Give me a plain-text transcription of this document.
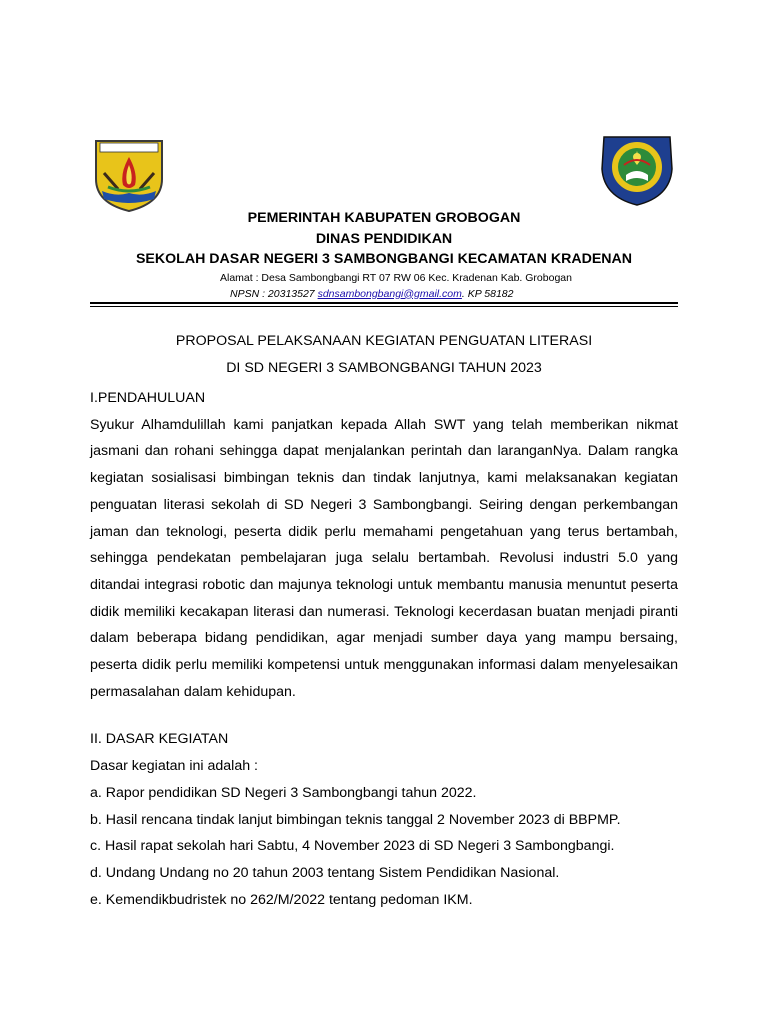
PEMERINTAH KABUPATEN GROBOGAN
DINAS PENDIDIKAN
SEKOLAH DASAR NEGERI 3 SAMBONGBANGI KECAMATAN KRADENAN
Alamat : Desa Sambongbangi RT 07 RW 06 Kec. Kradenan Kab. Grobogan
NPSN : 20313527 sdnsambongbangi@gmail.com. KP 58182
PROPOSAL PELAKSANAAN KEGIATAN PENGUATAN LITERASI
DI SD NEGERI 3 SAMBONGBANGI TAHUN 2023
I.PENDAHULUAN

Syukur Alhamdulillah kami panjatkan kepada Allah SWT yang telah memberikan nikmat jasmani dan rohani sehingga dapat menjalankan perintah dan laranganNya. Dalam rangka kegiatan sosialisasi bimbingan teknis dan tindak lanjutnya, kami melaksanakan kegiatan penguatan literasi sekolah di SD Negeri 3 Sambongbangi. Seiring dengan perkembangan jaman dan teknologi, peserta didik perlu memahami pengetahuan yang terus bertambah, sehingga pendekatan pembelajaran juga selalu bertambah. Revolusi industri 5.0 yang ditandai integrasi robotic dan majunya teknologi untuk membantu manusia menuntut peserta didik memiliki kecakapan literasi dan numerasi. Teknologi kecerdasan buatan menjadi piranti dalam beberapa bidang pendidikan, agar menjadi sumber daya yang mampu bersaing, peserta didik perlu memiliki kompetensi untuk menggunakan informasi dalam menyelesaikan permasalahan dalam kehidupan.

II. DASAR KEGIATAN
Dasar kegiatan ini adalah :
a. Rapor pendidikan SD Negeri 3 Sambongbangi tahun 2022.
b. Hasil rencana tindak lanjut bimbingan teknis tanggal 2 November 2023 di BBPMP.
c. Hasil rapat sekolah hari Sabtu, 4 November 2023 di SD Negeri 3 Sambongbangi.
d. Undang Undang no 20 tahun 2003 tentang Sistem Pendidikan Nasional.
e. Kemendikbudristek no 262/M/2022 tentang pedoman IKM.
